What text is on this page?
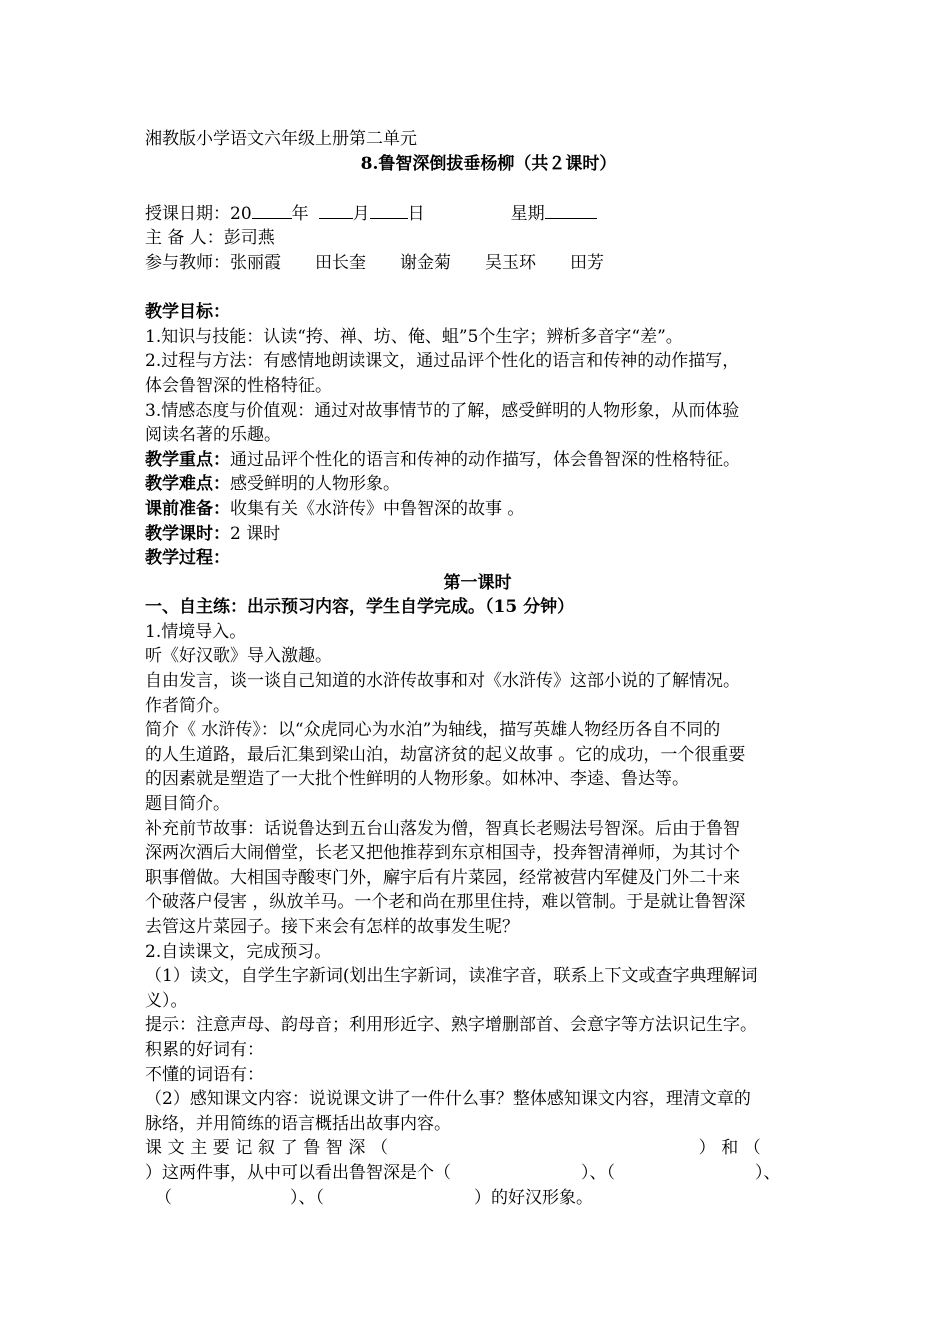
湘教版小学语文六年级上册第二单元
8.鲁智深倒拔垂杨柳（共２课时）
授课日期：20 年	月 日	星期
主 备 人：彭司燕
参与教师：张丽霞 田长奎 谢金菊 吴玉环 田芳
教学目标：
1.知识与技能：认读“挎、禅、坊、俺、蛆”5个生字；辨析多音字“差”。
2.过程与方法：有感情地朗读课文，通过品评个性化的语言和传神的动作描写，
体会鲁智深的性格特征。
3.情感态度与价值观：通过对故事情节的了解，感受鲜明的人物形象，从而体验
阅读名著的乐趣。
教学重点：通过品评个性化的语言和传神的动作描写，体会鲁智深的性格特征。
教学难点：感受鲜明的人物形象。
课前准备：收集有关《水浒传》中鲁智深的故事 。
教学课时：2 课时
教学过程：
第一课时
一、自主练：出示预习内容，学生自学完成。（15 分钟）
1.情境导入。
听《好汉歌》导入激趣。
自由发言，谈一谈自己知道的水浒传故事和对《水浒传》这部小说的了解情况。
作者简介。
简介《 水浒传》：以“众虎同心为水泊”为轴线，描写英雄人物经历各自不同的
的人生道路，最后汇集到梁山泊，劫富济贫的起义故事 。它的成功，一个很重要
的因素就是塑造了一大批个性鲜明的人物形象。如林冲、李逵、鲁达等。
题目简介。
补充前节故事：话说鲁达到五台山落发为僧，智真长老赐法号智深。后由于鲁智
深两次酒后大闹僧堂，长老又把他推荐到东京相国寺，投奔智清禅师，为其讨个
职事僧做。大相国寺酸枣门外，廨宇后有片菜园，经常被营内军健及门外二十来
个破落户侵害 ，纵放羊马。一个老和尚在那里住持，难以管制。于是就让鲁智深
去管这片菜园子。接下来会有怎样的故事发生呢？
2.自读课文，完成预习。
（1）读文，自学生字新词(划出生字新词，读准字音，联系上下文或查字典理解词
义）。
提示：注意声母、韵母音；利用形近字、熟字增删部首、会意字等方法识记生字。
积累的好词有：
不懂的词语有：
（2）感知课文内容：说说课文讲了一件什么事？整体感知课文内容，理清文章的
脉络，并用简练的语言概括出故事内容。
课文主要记叙了鲁智深（	）和（
）这两件事，从中可以看出鲁智深是个（	）、（	）、
（	）、（	）的好汉形象。
